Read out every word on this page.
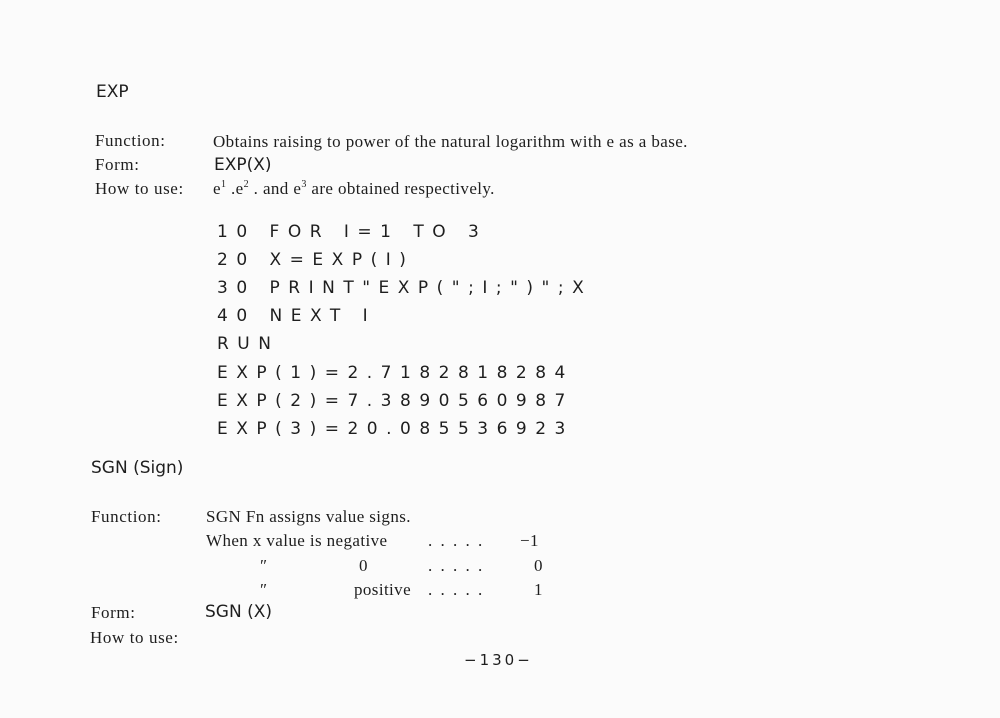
EXP
Function:	Obtains raising to power of the natural logarithm with e as a base.
Form:	EXP(X)
How to use: $e^1$ $.e^2$ . and $e^3$ are obtained respectively.
10 FOR I=1 TO 3
20 X=EXP(I)
30 PRINT"EXP(";I;")";X
40 NEXT I
RUN
EXP(1)=2.7182818284
EXP(2)=7.3890560987
EXP(3)=20.085536923
SGN (Sign)
Function:	SGN Fn assigns value signs.
When x value is negative . . . . . −1
″	0	. . . . .	0
″	positive . . . . .	1
Form:	SGN (X)
How to use:
−130−
